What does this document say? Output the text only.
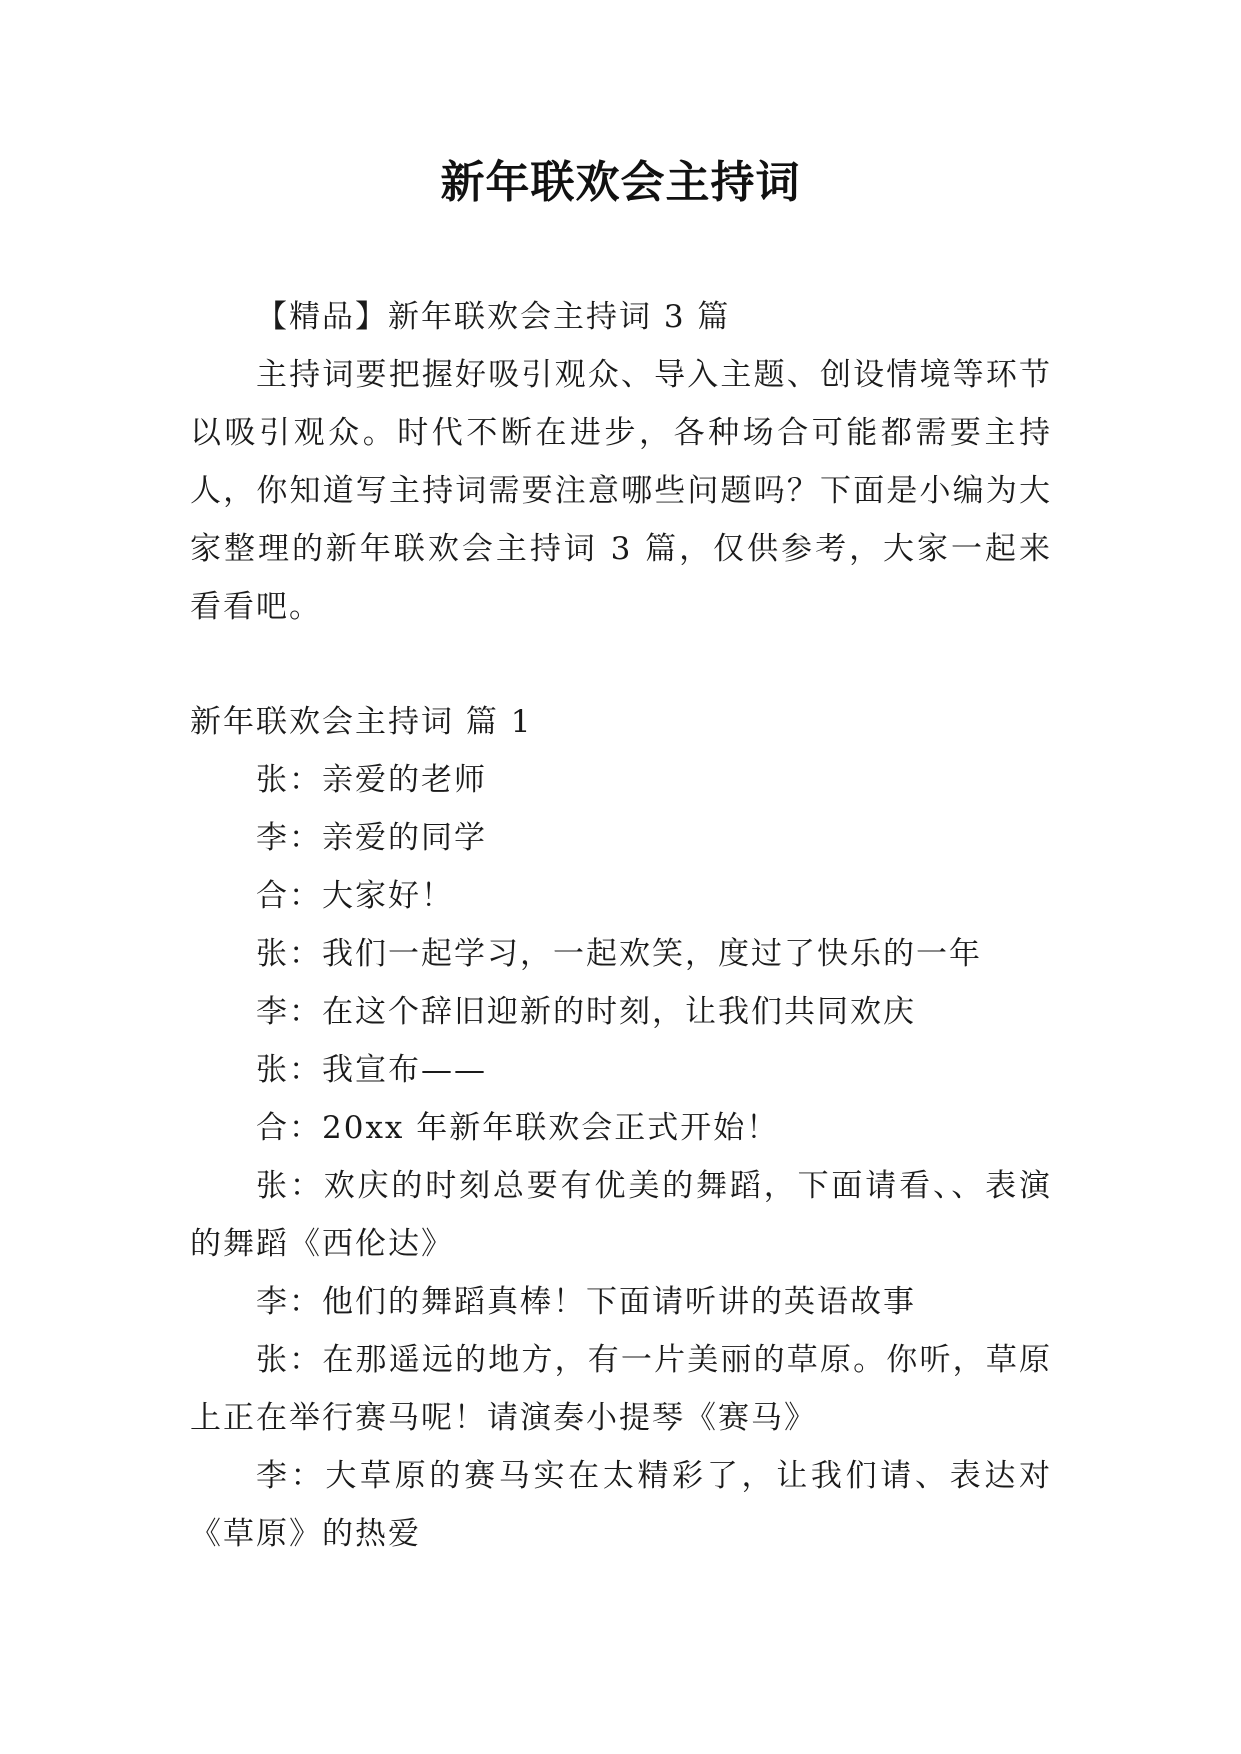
新年联欢会主持词

【精品】新年联欢会主持词 3 篇

主持词要把握好吸引观众、导入主题、创设情境等环节以吸引观众。时代不断在进步，各种场合可能都需要主持人，你知道写主持词需要注意哪些问题吗？下面是小编为大家整理的新年联欢会主持词 3 篇，仅供参考，大家一起来看看吧。

新年联欢会主持词 篇 1

张：亲爱的老师

李：亲爱的同学

合：大家好！

张：我们一起学习，一起欢笑，度过了快乐的一年

李：在这个辞旧迎新的时刻，让我们共同欢庆

张：我宣布——

合：20xx 年新年联欢会正式开始！

张：欢庆的时刻总要有优美的舞蹈，下面请看、、表演的舞蹈《西伦达》

李：他们的舞蹈真棒！下面请听讲的英语故事

张：在那遥远的地方，有一片美丽的草原。你听，草原上正在举行赛马呢！请演奏小提琴《赛马》

李：大草原的赛马实在太精彩了，让我们请、表达对《草原》的热爱
